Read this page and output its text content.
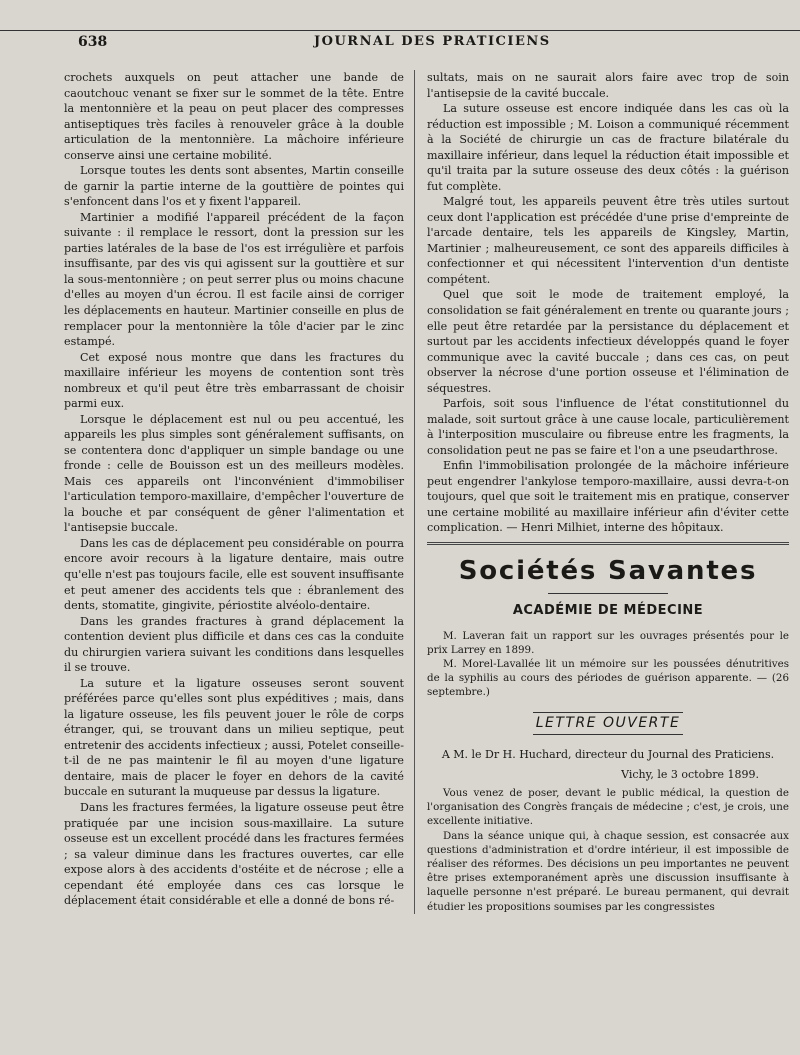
638	JOURNAL DES PRATICIENS

crochets auxquels on peut attacher une bande de caoutchouc venant se fixer sur le sommet de la tête. Entre la mentonnière et la peau on peut placer des compresses antiseptiques très faciles à renouveler grâce à la double articulation de la mentonnière. La mâchoire inférieure conserve ainsi une certaine mobilité.

Lorsque toutes les dents sont absentes, Martin conseille de garnir la partie interne de la gouttière de pointes qui s'enfoncent dans l'os et y fixent l'appareil.

Martinier a modifié l'appareil précédent de la façon suivante : il remplace le ressort, dont la pression sur les parties latérales de la base de l'os est irrégulière et parfois insuffisante, par des vis qui agissent sur la gouttière et sur la sous-mentonnière ; on peut serrer plus ou moins chacune d'elles au moyen d'un écrou. Il est facile ainsi de corriger les déplacements en hauteur. Martinier conseille en plus de remplacer pour la mentonnière la tôle d'acier par le zinc estampé.

Cet exposé nous montre que dans les fractures du maxillaire inférieur les moyens de contention sont très nombreux et qu'il peut être très embarrassant de choisir parmi eux.

Lorsque le déplacement est nul ou peu accentué, les appareils les plus simples sont généralement suffisants, on se contentera donc d'appliquer un simple bandage ou une fronde : celle de Bouisson est un des meilleurs modèles. Mais ces appareils ont l'inconvénient d'immobiliser l'articulation temporo-maxillaire, d'empêcher l'ouverture de la bouche et par conséquent de gêner l'alimentation et l'antisepsie buccale.

Dans les cas de déplacement peu considérable on pourra encore avoir recours à la ligature dentaire, mais outre qu'elle n'est pas toujours facile, elle est souvent insuffisante et peut amener des accidents tels que : ébranlement des dents, stomatite, gingivite, périostite alvéolo-dentaire.

Dans les grandes fractures à grand déplacement la contention devient plus difficile et dans ces cas la conduite du chirurgien variera suivant les conditions dans lesquelles il se trouve.

La suture et la ligature osseuses seront souvent préférées parce qu'elles sont plus expéditives ; mais, dans la ligature osseuse, les fils peuvent jouer le rôle de corps étranger, qui, se trouvant dans un milieu septique, peut entretenir des accidents infectieux ; aussi, Potelet conseille-t-il de ne pas maintenir le fil au moyen d'une ligature dentaire, mais de placer le foyer en dehors de la cavité buccale en suturant la muqueuse par dessus la ligature.

Dans les fractures fermées, la ligature osseuse peut être pratiquée par une incision sous-maxillaire. La suture osseuse est un excellent procédé dans les fractures fermées ; sa valeur diminue dans les fractures ouvertes, car elle expose alors à des accidents d'ostéite et de nécrose ; elle a cependant été employée dans ces cas lorsque le déplacement était considérable et elle a donné de bons ré-

sultats, mais on ne saurait alors faire avec trop de soin l'antisepsie de la cavité buccale.

La suture osseuse est encore indiquée dans les cas où la réduction est impossible ; M. Loison a communiqué récemment à la Société de chirurgie un cas de fracture bilatérale du maxillaire inférieur, dans lequel la réduction était impossible et qu'il traita par la suture osseuse des deux côtés : la guérison fut complète.

Malgré tout, les appareils peuvent être très utiles surtout ceux dont l'application est précédée d'une prise d'empreinte de l'arcade dentaire, tels les appareils de Kingsley, Martin, Martinier ; malheureusement, ce sont des appareils difficiles à confectionner et qui nécessitent l'intervention d'un dentiste compétent.

Quel que soit le mode de traitement employé, la consolidation se fait généralement en trente ou quarante jours ; elle peut être retardée par la persistance du déplacement et surtout par les accidents infectieux développés quand le foyer communique avec la cavité buccale ; dans ces cas, on peut observer la nécrose d'une portion osseuse et l'élimination de séquestres.

Parfois, soit sous l'influence de l'état constitutionnel du malade, soit surtout grâce à une cause locale, particulièrement à l'interposition musculaire ou fibreuse entre les fragments, la consolidation peut ne pas se faire et l'on a une pseudarthrose.

Enfin l'immobilisation prolongée de la mâchoire inférieure peut engendrer l'ankylose temporo-maxillaire, aussi devra-t-on toujours, quel que soit le traitement mis en pratique, conserver une certaine mobilité au maxillaire inférieur afin d'éviter cette complication. — Henri Milhiet, interne des hôpitaux.

Sociétés Savantes
ACADÉMIE DE MÉDECINE

M. Laveran fait un rapport sur les ouvrages présentés pour le prix Larrey en 1899.

M. Morel-Lavallée lit un mémoire sur les poussées dénutritives de la syphilis au cours des périodes de guérison apparente. — (26 septembre.)

LETTRE OUVERTE
A M. le Dr H. Huchard, directeur du Journal des Praticiens.
Vichy, le 3 octobre 1899.

Vous venez de poser, devant le public médical, la question de l'organisation des Congrès français de médecine ; c'est, je crois, une excellente initiative.

Dans la séance unique qui, à chaque session, est consacrée aux questions d'administration et d'ordre intérieur, il est impossible de réaliser des réformes. Des décisions un peu importantes ne peuvent être prises extemporanément après une discussion insuffisante à laquelle personne n'est préparé. Le bureau permanent, qui devrait étudier les propositions soumises par les congressistes
